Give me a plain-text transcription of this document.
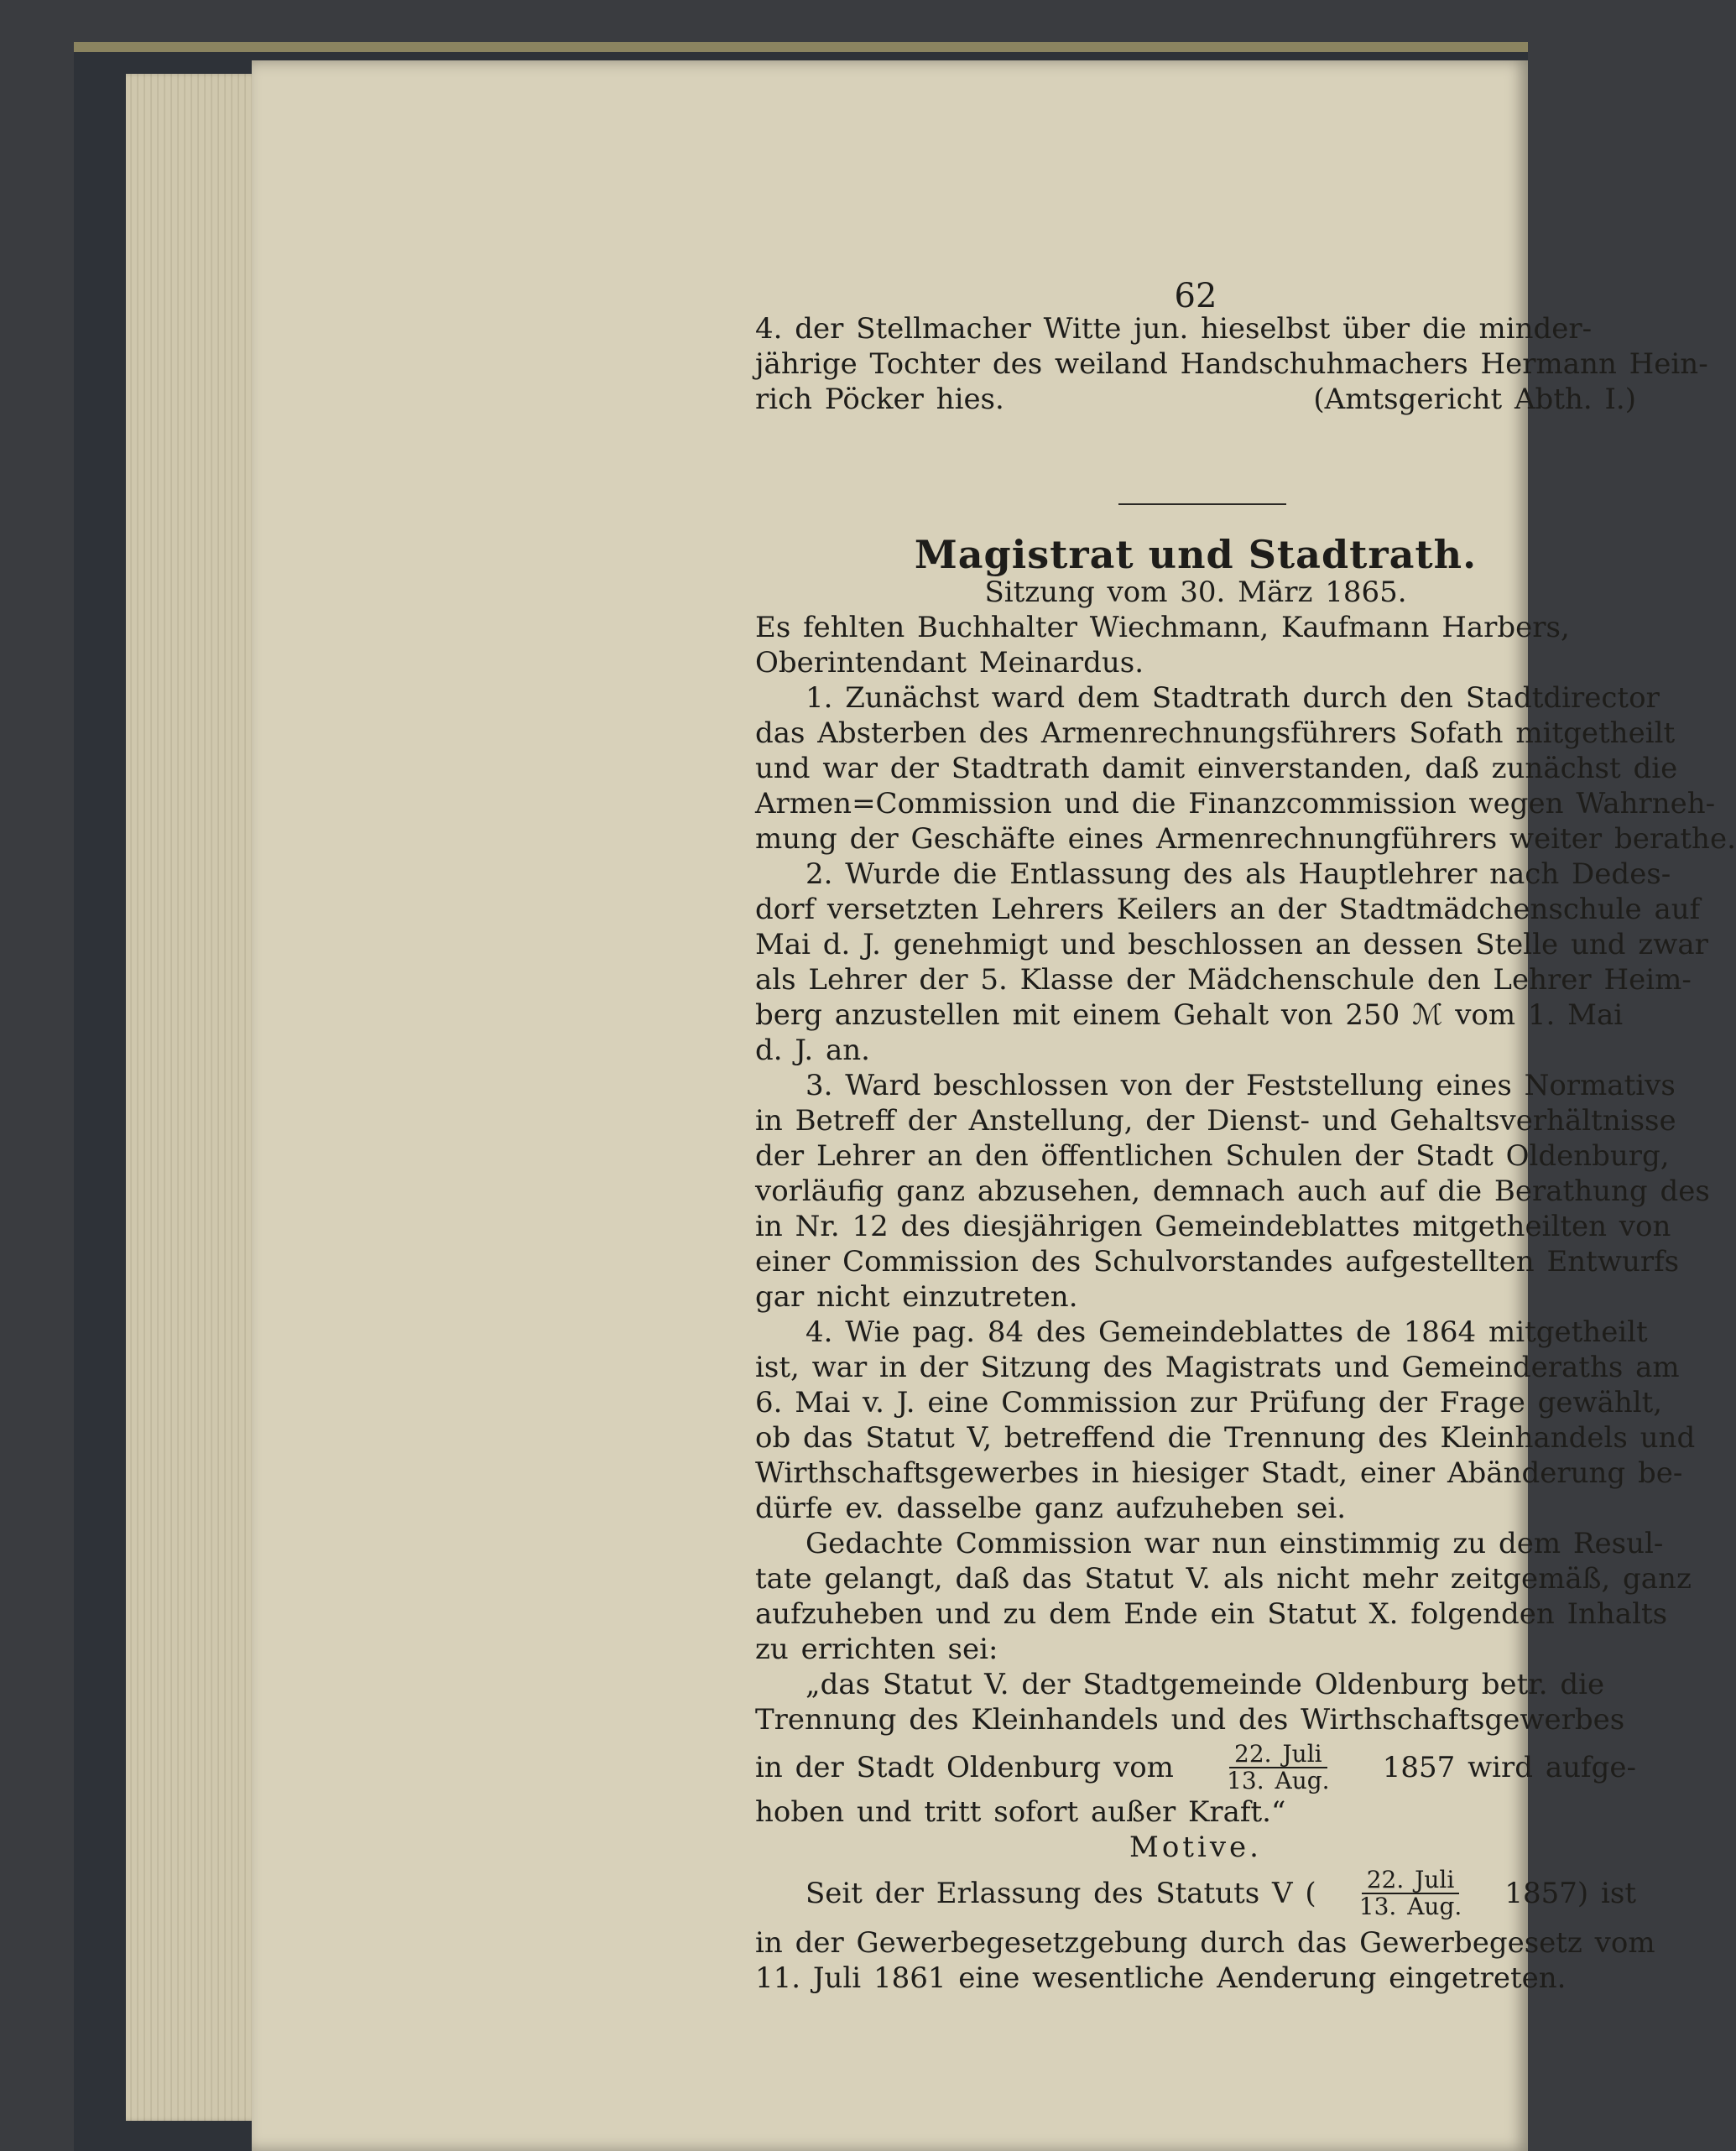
62
4. der Stellmacher Witte jun. hieselbst über die minder-
jährige Tochter des weiland Handschuhmachers Hermann Hein-
rich Pöcker hies.	(Amtsgericht Abth. I.)
Magistrat und Stadtrath.
Sitzung vom 30. März 1865.
Es fehlten Buchhalter Wiechmann, Kaufmann Harbers,
Oberintendant Meinardus.
1. Zunächst ward dem Stadtrath durch den Stadtdirector
das Absterben des Armenrechnungsführers Sofath mitgetheilt
und war der Stadtrath damit einverstanden, daß zunächst die
Armen=Commission und die Finanzcommission wegen Wahrneh-
mung der Geschäfte eines Armenrechnungführers weiter berathe.
2. Wurde die Entlassung des als Hauptlehrer nach Dedes-
dorf versetzten Lehrers Keilers an der Stadtmädchenschule auf
Mai d. J. genehmigt und beschlossen an dessen Stelle und zwar
als Lehrer der 5. Klasse der Mädchenschule den Lehrer Heim-
berg anzustellen mit einem Gehalt von 250 ℳ vom 1. Mai
d. J. an.
3. Ward beschlossen von der Feststellung eines Normativs
in Betreff der Anstellung, der Dienst- und Gehaltsverhältnisse
der Lehrer an den öffentlichen Schulen der Stadt Oldenburg,
vorläufig ganz abzusehen, demnach auch auf die Berathung des
in Nr. 12 des diesjährigen Gemeindeblattes mitgetheilten von
einer Commission des Schulvorstandes aufgestellten Entwurfs
gar nicht einzutreten.
4. Wie pag. 84 des Gemeindeblattes de 1864 mitgetheilt
ist, war in der Sitzung des Magistrats und Gemeinderaths am
6. Mai v. J. eine Commission zur Prüfung der Frage gewählt,
ob das Statut V, betreffend die Trennung des Kleinhandels und
Wirthschaftsgewerbes in hiesiger Stadt, einer Abänderung be-
dürfe ev. dasselbe ganz aufzuheben sei.
Gedachte Commission war nun einstimmig zu dem Resul-
tate gelangt, daß das Statut V. als nicht mehr zeitgemäß, ganz
aufzuheben und zu dem Ende ein Statut X. folgenden Inhalts
zu errichten sei:
„das Statut V. der Stadtgemeinde Oldenburg betr. die
Trennung des Kleinhandels und des Wirthschaftsgewerbes
in der Stadt Oldenburg vom $\frac{\text{22. Juli}}{\text{13. Aug.}} 1857$ wird aufge-
hoben und tritt sofort außer Kraft.“
Motive.
Seit der Erlassung des Statuts V ( $\frac{\text{22. Juli}}{\text{13. Aug.}} 1857$) ist
in der Gewerbegesetzgebung durch das Gewerbegesetz vom
11. Juli 1861 eine wesentliche Aenderung eingetreten.
